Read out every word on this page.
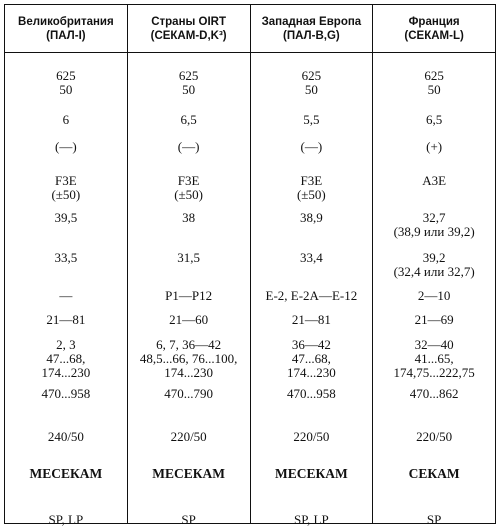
Великобритания
(ПАЛ-I)
Страны OIRT
(СЕКАМ-D,K³)
Западная Европа
(ПАЛ-B,G)
Франция
(СЕКАМ-L)
625
50
6
(—)
F3E
(±50)
39,5
33,5
—
21—81
2, 3
47...68,
174...230
470...958
240/50
МЕСЕКАМ
SP, LP
625
50
6,5
(—)
F3E
(±50)
38
31,5
P1—P12
21—60
6, 7, 36—42
48,5...66, 76...100,
174...230
470...790
220/50
МЕСЕКАМ
SP
625
50
5,5
(—)
F3E
(±50)
38,9
33,4
E-2, E-2A—E-12
21—81
36—42
47...68,
174...230
470...958
220/50
МЕСЕКАМ
SP, LP
625
50
6,5
(+)
A3E
32,7
(38,9 или 39,2)
39,2
(32,4 или 32,7)
2—10
21—69
32—40
41...65,
174,75...222,75
470...862
220/50
СЕКАМ
SP
